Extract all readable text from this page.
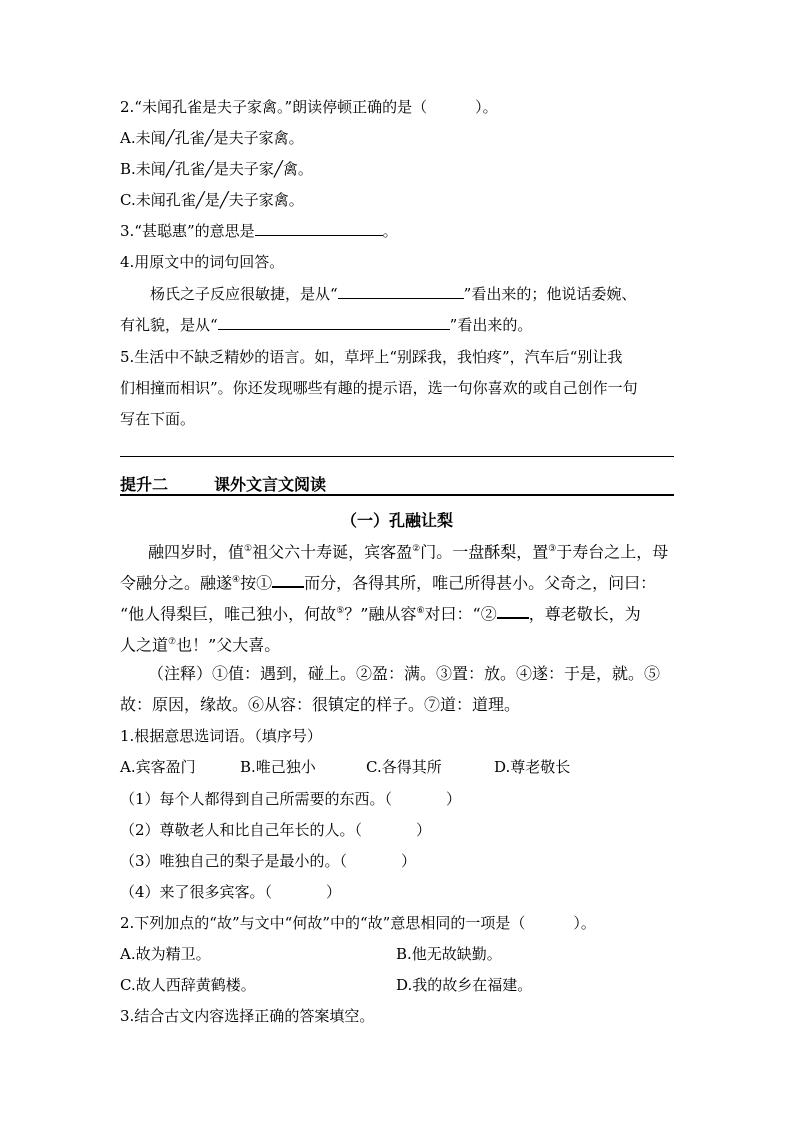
2.“未闻孔雀是夫子家禽。”朗读停顿正确的是（	）。
A.未闻╱孔雀╱是夫子家禽。
B.未闻╱孔雀╱是夫子家╱禽。
C.未闻孔雀╱是╱夫子家禽。
3.“甚聪惠”的意思是	。
4.用原文中的词句回答。
杨氏之子反应很敏捷，是从“	”看出来的；他说话委婉、
有礼貌，是从“	”看出来的。
5.生活中不缺乏精妙的语言。如，草坪上“别踩我，我怕疼”，汽车后“别让我
们相撞而相识”。你还发现哪些有趣的提示语，选一句你喜欢的或自己创作一句
写在下面。
提升二	课外文言文阅读
（一）孔融让梨
融四岁时，值①祖父六十寿诞，宾客盈②门。一盘酥梨，置③于寿台之上，母
令融分之。融遂④按① 而分，各得其所，唯己所得甚小。父奇之，问曰：
“他人得梨巨，唯己独小，何故⑤？”融从容⑥对曰：“② ，尊老敬长，为
人之道⑦也！”父大喜。
（注释）①值：遇到，碰上。②盈：满。③置：放。④遂：于是，就。⑤
故：原因，缘故。⑥从容：很镇定的样子。⑦道：道理。
1.根据意思选词语。（填序号）
A.宾客盈门	B.唯己独小	C.各得其所	D.尊老敬长
（1）每个人都得到自己所需要的东西。（	）
（2）尊敬老人和比自己年长的人。（	）
（3）唯独自己的梨子是最小的。（	）
（4）来了很多宾客。（	）
2.下列加点的“故”与文中“何故”中的“故”意思相同的一项是（	）。
A.故为精卫。	B.他无故缺勤。
C.故人西辞黄鹤楼。	D.我的故乡在福建。
3.结合古文内容选择正确的答案填空。
